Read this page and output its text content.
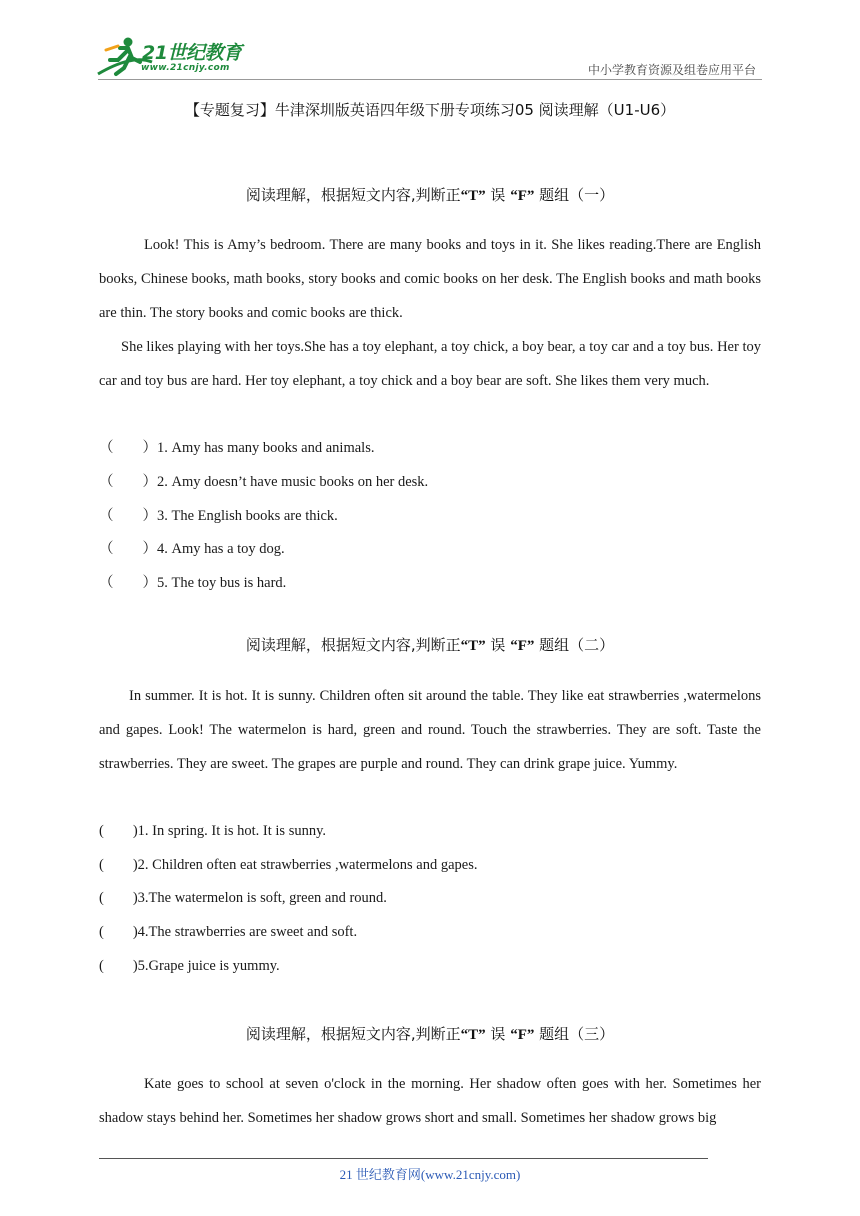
21世纪教育
www.21cnjy.com	中小学教育资源及组卷应用平台
【专题复习】牛津深圳版英语四年级下册专项练习05 阅读理解（U1-U6）
阅读理解，根据短文内容,判断正“T” 误 “F” 题组（一）

Look! This is Amy’s bedroom. There are many books and toys in it. She likes reading.There are English books, Chinese books, math books, story books and comic books on her desk. The English books and math books are thin. The story books and comic books are thick.

She likes playing with her toys.She has a toy elephant, a toy chick, a boy bear, a toy car and a toy bus. Her toy car and toy bus are hard. Her toy elephant, a toy chick and a boy bear are soft. She likes them very much.

（        ）1. Amy has many books and animals.
（        ）2. Amy doesn’t have music books on her desk.
（        ）3. The English books are thick.
（        ）4. Amy has a toy dog.
（        ）5. The toy bus is hard.
阅读理解，根据短文内容,判断正“T” 误 “F” 题组（二）

In summer. It is hot. It is sunny. Children often sit around the table. They like eat strawberries ,watermelons and gapes. Look! The watermelon is hard, green and round. Touch the strawberries. They are soft. Taste the strawberries. They are sweet. The grapes are purple and round. They can drink grape juice. Yummy.

(        )1. In spring. It is hot. It is sunny.
(        )2. Children often eat strawberries ,watermelons and gapes.
(        )3.The watermelon is soft, green and round.
(        )4.The strawberries are sweet and soft.
(        )5.Grape juice is yummy.
阅读理解，根据短文内容,判断正“T” 误 “F” 题组（三）

Kate goes to school at seven o'clock in the morning. Her shadow often goes with her. Sometimes her shadow stays behind her. Sometimes her shadow grows short and small. Sometimes her shadow grows big

21 世纪教育网(www.21cnjy.com)
